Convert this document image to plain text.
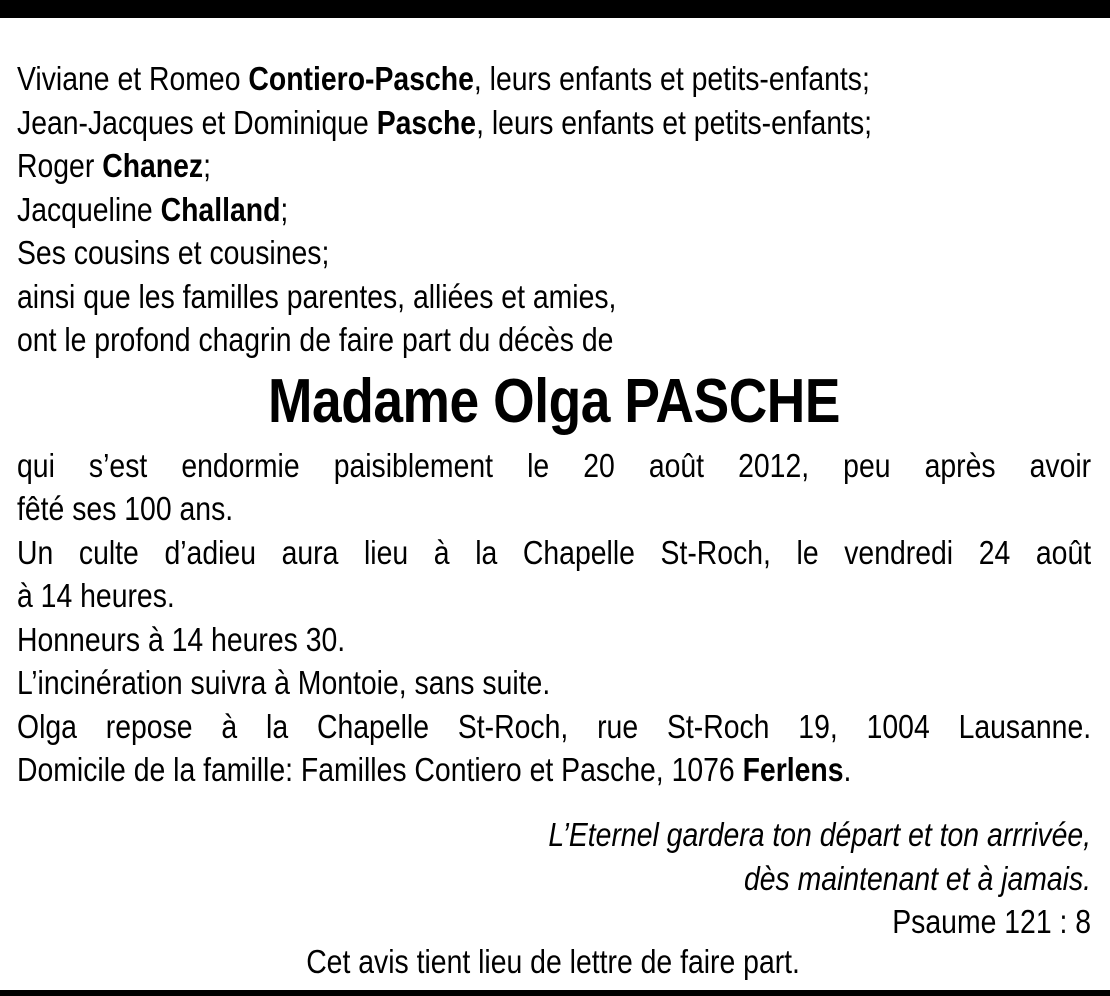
Viviane et Romeo Contiero-Pasche, leurs enfants et petits-enfants;
Jean-Jacques et Dominique Pasche, leurs enfants et petits-enfants;
Roger Chanez;
Jacqueline Challand;
Ses cousins et cousines;
ainsi que les familles parentes, alliées et amies,
ont le profond chagrin de faire part du décès de
Madame Olga PASCHE
qui s’est endormie paisiblement le 20 août 2012, peu après avoir
fêté ses 100 ans.
Un culte d’adieu aura lieu à la Chapelle St-Roch, le vendredi 24 août
à 14 heures.
Honneurs à 14 heures 30.
L’incinération suivra à Montoie, sans suite.
Olga repose à la Chapelle St-Roch, rue St-Roch 19, 1004 Lausanne.
Domicile de la famille: Familles Contiero et Pasche, 1076 Ferlens.
L’Eternel gardera ton départ et ton arrrivée,
dès maintenant et à jamais.
Psaume 121 : 8
Cet avis tient lieu de lettre de faire part.
